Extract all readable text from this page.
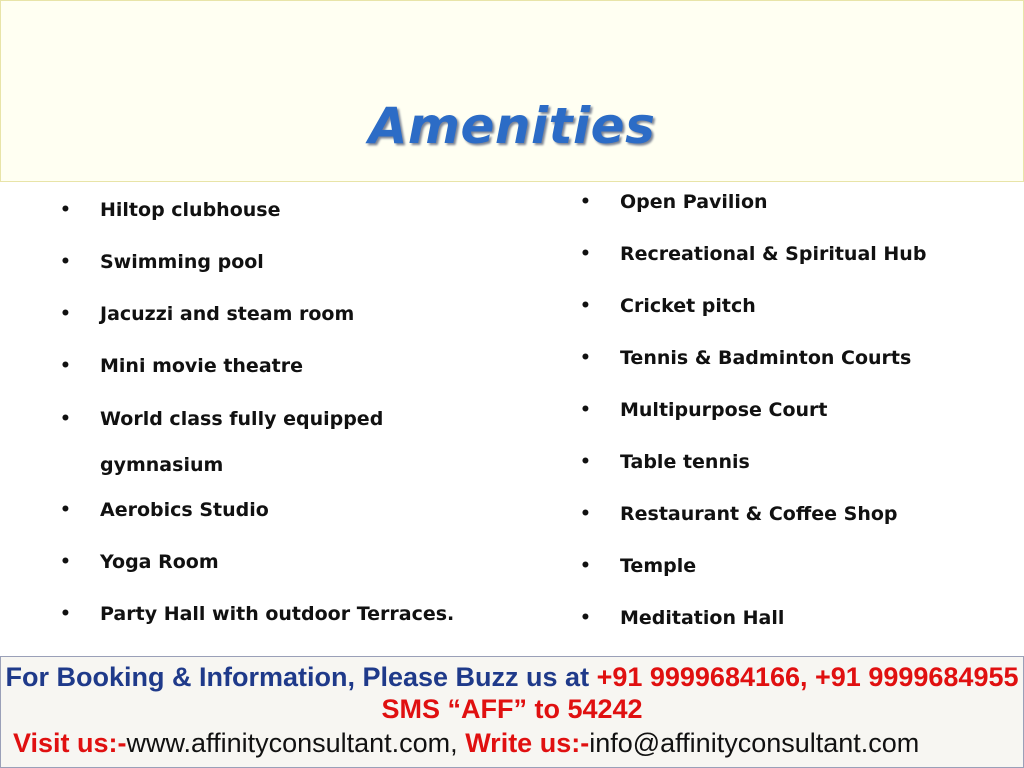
Amenities
• Hiltop clubhouse
• Swimming pool
• Jacuzzi and steam room
• Mini movie theatre
• World class fully equipped gymnasium
• Aerobics Studio
• Yoga Room
• Party Hall with outdoor Terraces.
• Open Pavilion
• Recreational & Spiritual Hub
• Cricket pitch
• Tennis & Badminton Courts
• Multipurpose Court
• Table tennis
• Restaurant & Coffee Shop
• Temple
• Meditation Hall
For Booking & Information, Please Buzz us at +91 9999684166, +91 9999684955
SMS “AFF” to 54242
Visit us:-www.affinityconsultant.com, Write us:-info@affinityconsultant.com
